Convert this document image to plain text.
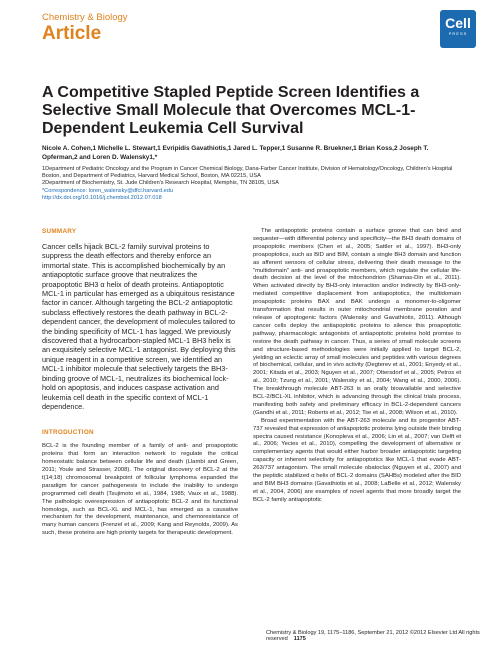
Chemistry & Biology

Article	Cell
PRESS
A Competitive Stapled Peptide Screen Identifies a Selective Small Molecule that Overcomes MCL-1-Dependent Leukemia Cell Survival
Nicole A. Cohen,1 Michelle L. Stewart,1 Evripidis Gavathiotis,1 Jared L. Tepper,1 Susanne R. Bruekner,1 Brian Koss,2 Joseph T. Opferman,2 and Loren D. Walensky1,*
1Department of Pediatric Oncology and the Program in Cancer Chemical Biology, Dana-Farber Cancer Institute, Division of Hematology/Oncology, Children's Hospital Boston, and Department of Pediatrics, Harvard Medical School, Boston, MA 02215, USA
2Department of Biochemistry, St. Jude Children's Research Hospital, Memphis, TN 38105, USA
*Correspondence: loren_walensky@dfci.harvard.edu
http://dx.doi.org/10.1016/j.chembiol.2012.07.018

SUMMARY

Cancer cells hijack BCL-2 family survival proteins to suppress the death effectors and thereby enforce an immortal state. This is accomplished biochemically by an antiapoptotic surface groove that neutralizes the proapoptotic BH3 α helix of death proteins. Antiapoptotic MCL-1 in particular has emerged as a ubiquitous resistance factor in cancer. Although targeting the BCL-2 antiapoptotic subclass effectively restores the death pathway in BCL-2-dependent cancer, the development of molecules tailored to the binding specificity of MCL-1 has lagged. We previously discovered that a hydrocarbon-stapled MCL-1 BH3 helix is an exquisitely selective MCL-1 antagonist. By deploying this unique reagent in a competitive screen, we identified an MCL-1 inhibitor molecule that selectively targets the BH3-binding groove of MCL-1, neutralizes its biochemical lock-hold on apoptosis, and induces caspase activation and leukemia cell death in the specific context of MCL-1 dependence.

INTRODUCTION

BCL-2 is the founding member of a family of anti- and proapoptotic proteins that form an interaction network to regulate the critical homeostatic balance between cellular life and death (Llambi and Green, 2011; Youle and Strasser, 2008). The original discovery of BCL-2 at the t(14;18) chromosomal breakpoint of follicular lymphoma expanded the paradigm for cancer pathogenesis to include the inability to undergo programmed cell death (Tsujimoto et al., 1984, 1985; Vaux et al., 1988). The pathologic overexpression of antiapoptotic BCL-2 and its functional homologs, such as BCL-XL and MCL-1, has emerged as a causative mechanism for the development, maintenance, and chemoresistance of many human cancers (Frenzel et al., 2009; Kang and Reynolds, 2009). As such, these proteins are high priority targets for therapeutic development.

The antiapoptotic proteins contain a surface groove that can bind and sequester—with differential potency and specificity—the BH3 death domains of proapoptotic members (Chen et al., 2005; Sattler et al., 1997). BH3-only proapoptotics, such as BID and BIM, contain a single BH3 domain and function as afferent sensors of cellular stress, delivering their death message to the "multidomain" anti- and proapoptotic members, which regulate the cellular life-death decision at the level of the mitochondrion (Shamas-Din et al., 2011). When activated directly by BH3-only interaction and/or indirectly by BH3-only-mediated competitive displacement from antiapoptotics, the multidomain proapoptotic proteins BAX and BAK undergo a monomer-to-oligomer transformation that results in outer mitochondrial membrane poration and release of apoptogenic factors (Walensky and Gavathiotis, 2011). Although cancer cells deploy the antiapoptotic proteins to silence this proapoptotic pathway, pharmacologic antagonists of antiapoptotic proteins hold promise to restore the death pathway in cancer. Thus, a series of small molecule screens and structure-based methodologies were initially applied to target BCL-2, yielding an eclectic array of small molecules and peptides with various degrees of biochemical, cellular, and in vivo activity (Degterev et al., 2001; Enyedy et al., 2001; Kitada et al., 2003; Nguyen et al., 2007; Oltersdorf et al., 2005; Petros et al., 2010; Tzung et al., 2001; Walensky et al., 2004; Wang et al., 2000, 2006). The breakthrough molecule ABT-263 is an orally bioavailable and selective BCL-2/BCL-XL inhibitor, which is advancing through the clinical trials process, manifesting both safety and preliminary efficacy in BCL-2-dependent cancers (Gandhi et al., 2011; Roberts et al., 2012; Tse et al., 2008; Wilson et al., 2010).

Broad experimentation with the ABT-263 molecule and its progenitor ABT-737 revealed that expression of antiapoptotic proteins lying outside their binding spectra caused resistance (Konopleva et al., 2006; Lin et al., 2007; van Delft et al., 2006; Yecies et al., 2010), compelling the development of alternative or complementary agents that would either harbor broader antiapoptotic targeting capacity or inherent selectivity for antiapoptotics like MCL-1 that evade ABT-263/737 antagonism. The small molecule obatoclax (Nguyen et al., 2007) and the peptidic stabilized α helix of BCL-2 domains (SAHBs) modeled after the BID and BIM BH3 domains (Gavathiotis et al., 2008; LaBelle et al., 2012; Walensky et al., 2004, 2006) are examples of novel agents that more broadly target the BCL-2 family antiapoptotic

Chemistry & Biology 19, 1175–1186, September 21, 2012 ©2012 Elsevier Ltd All rights reserved 1175
